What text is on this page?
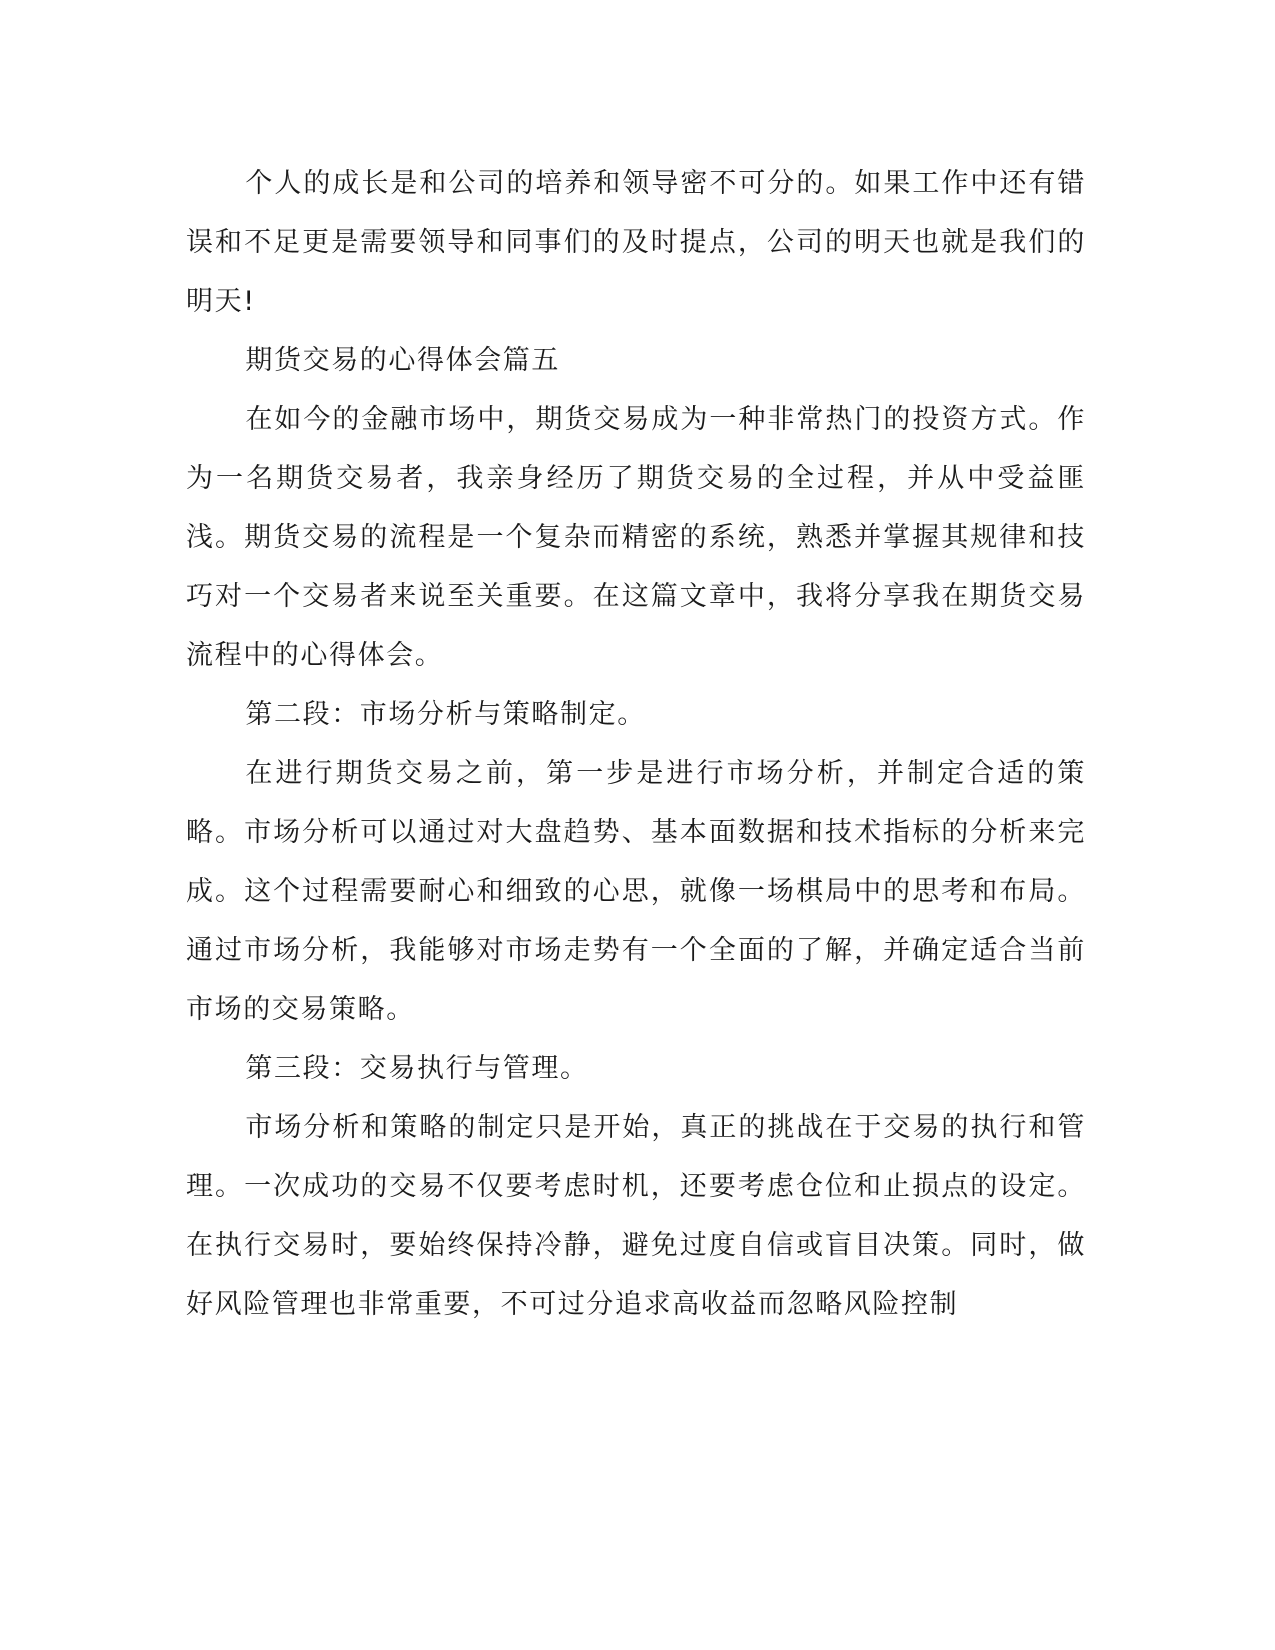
个人的成长是和公司的培养和领导密不可分的。如果工作中还有错误和不足更是需要领导和同事们的及时提点，公司的明天也就是我们的明天!

期货交易的心得体会篇五

在如今的金融市场中，期货交易成为一种非常热门的投资方式。作为一名期货交易者，我亲身经历了期货交易的全过程，并从中受益匪浅。期货交易的流程是一个复杂而精密的系统，熟悉并掌握其规律和技巧对一个交易者来说至关重要。在这篇文章中，我将分享我在期货交易流程中的心得体会。

第二段：市场分析与策略制定。

在进行期货交易之前，第一步是进行市场分析，并制定合适的策略。市场分析可以通过对大盘趋势、基本面数据和技术指标的分析来完成。这个过程需要耐心和细致的心思，就像一场棋局中的思考和布局。通过市场分析，我能够对市场走势有一个全面的了解，并确定适合当前市场的交易策略。

第三段：交易执行与管理。

市场分析和策略的制定只是开始，真正的挑战在于交易的执行和管理。一次成功的交易不仅要考虑时机，还要考虑仓位和止损点的设定。在执行交易时，要始终保持冷静，避免过度自信或盲目决策。同时，做好风险管理也非常重要，不可过分追求高收益而忽略风险控制
